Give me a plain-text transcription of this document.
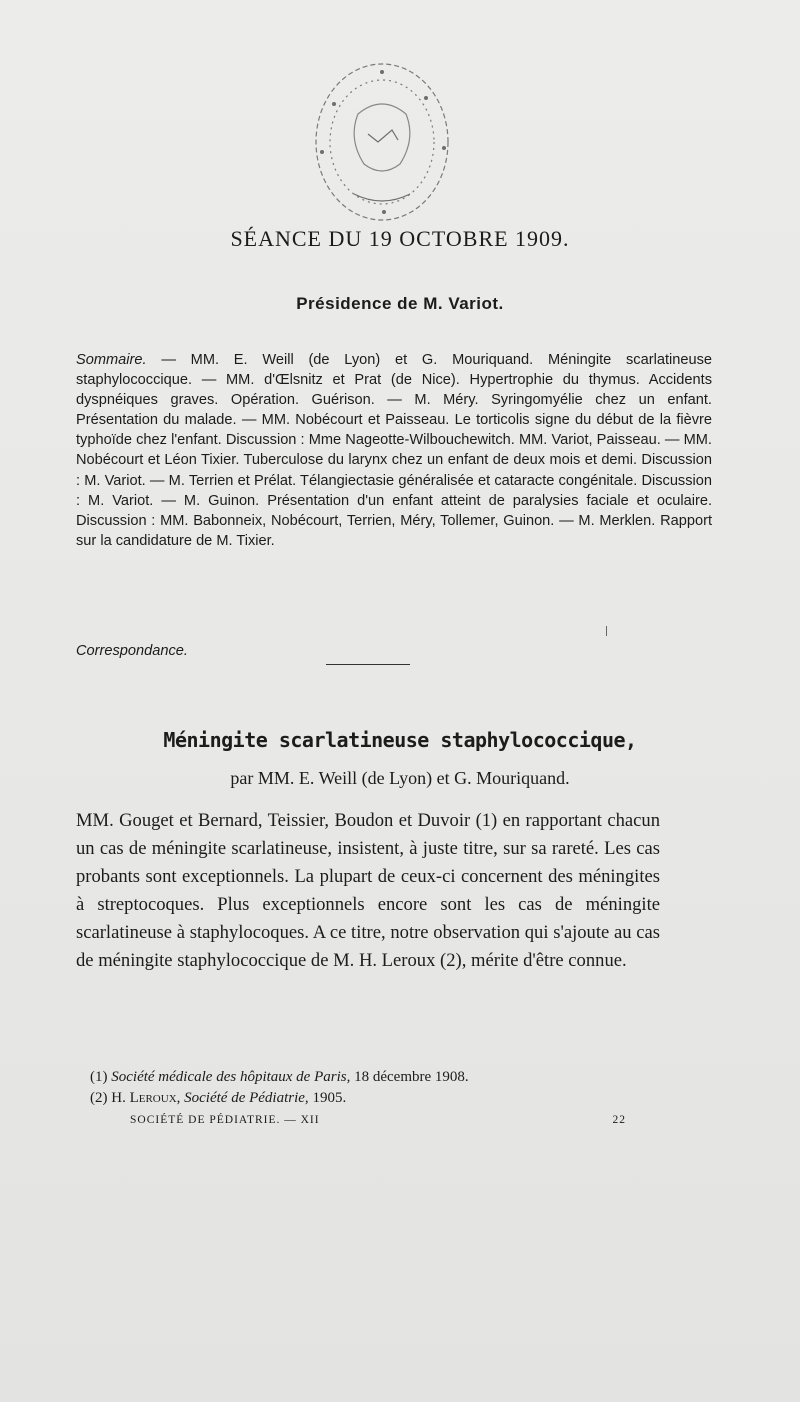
SÉANCE DU 19 OCTOBRE 1909.
Présidence de M. Variot.
Sommaire. — MM. E. Weill (de Lyon) et G. Mouriquand. Méningite scarlatineuse staphylococcique. — MM. d'Œlsnitz et Prat (de Nice). Hypertrophie du thymus. Accidents dyspnéiques graves. Opération. Guérison. — M. Méry. Syringomyélie chez un enfant. Présentation du malade. — MM. Nobécourt et Paisseau. Le torticolis signe du début de la fièvre typhoïde chez l'enfant. Discussion : Mme Nageotte-Wilbouchewitch. MM. Variot, Paisseau. — MM. Nobécourt et Léon Tixier. Tuberculose du larynx chez un enfant de deux mois et demi. Discussion : M. Variot. — M. Terrien et Prélat. Télangiectasie généralisée et cataracte congénitale. Discussion : M. Variot. — M. Guinon. Présentation d'un enfant atteint de paralysies faciale et oculaire. Discussion : MM. Babonneix, Nobécourt, Terrien, Méry, Tollemer, Guinon. — M. Merklen. Rapport sur la candidature de M. Tixier.
Correspondance.
Méningite scarlatineuse staphylococcique,
par MM. E. Weill (de Lyon) et G. Mouriquand.
MM. Gouget et Bernard, Teissier, Boudon et Duvoir (1) en rapportant chacun un cas de méningite scarlatineuse, insistent, à juste titre, sur sa rareté. Les cas probants sont exceptionnels. La plupart de ceux-ci concernent des méningites à streptocoques. Plus exceptionnels encore sont les cas de méningite scarlatineuse à staphylocoques. A ce titre, notre observation qui s'ajoute au cas de méningite staphylococcique de M. H. Leroux (2), mérite d'être connue.
(1) Société médicale des hôpitaux de Paris, 18 décembre 1908.
(2) H. Leroux, Société de Pédiatrie, 1905.
SOCIÉTÉ DE PÉDIATRIE. — XII	22
